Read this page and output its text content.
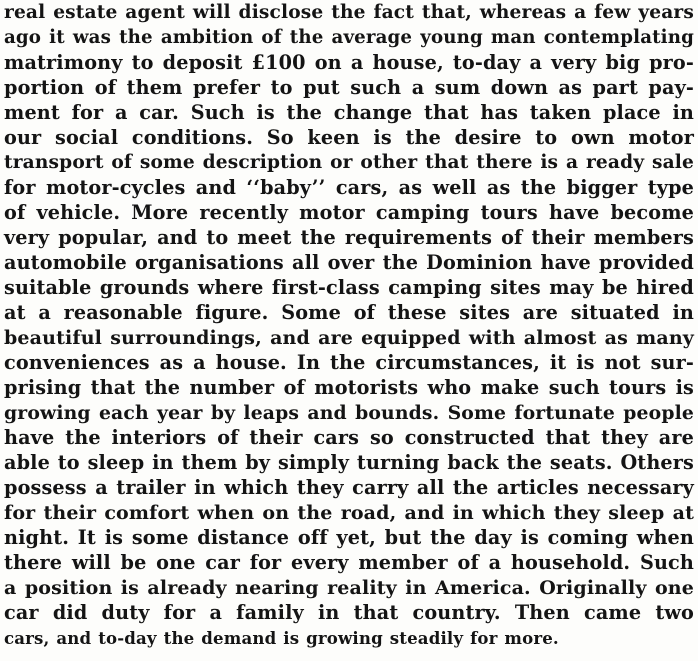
real estate agent will disclose the fact that, whereas a few years
ago it was the ambition of the average young man contemplating
matrimony to deposit £100 on a house, to-day a very big pro-
portion of them prefer to put such a sum down as part pay-
ment for a car. Such is the change that has taken place in
our social conditions. So keen is the desire to own motor
transport of some description or other that there is a ready sale
for motor-cycles and ‘‘baby’’ cars, as well as the bigger type
of vehicle. More recently motor camping tours have become
very popular, and to meet the requirements of their members
automobile organisations all over the Dominion have provided
suitable grounds where first-class camping sites may be hired
at a reasonable figure. Some of these sites are situated in
beautiful surroundings, and are equipped with almost as many
conveniences as a house. In the circumstances, it is not sur-
prising that the number of motorists who make such tours is
growing each year by leaps and bounds. Some fortunate people
have the interiors of their cars so constructed that they are
able to sleep in them by simply turning back the seats. Others
possess a trailer in which they carry all the articles necessary
for their comfort when on the road, and in which they sleep at
night. It is some distance off yet, but the day is coming when
there will be one car for every member of a household. Such
a position is already nearing reality in America. Originally one
car did duty for a family in that country. Then came two
cars, and to-day the demand is growing steadily for more.
